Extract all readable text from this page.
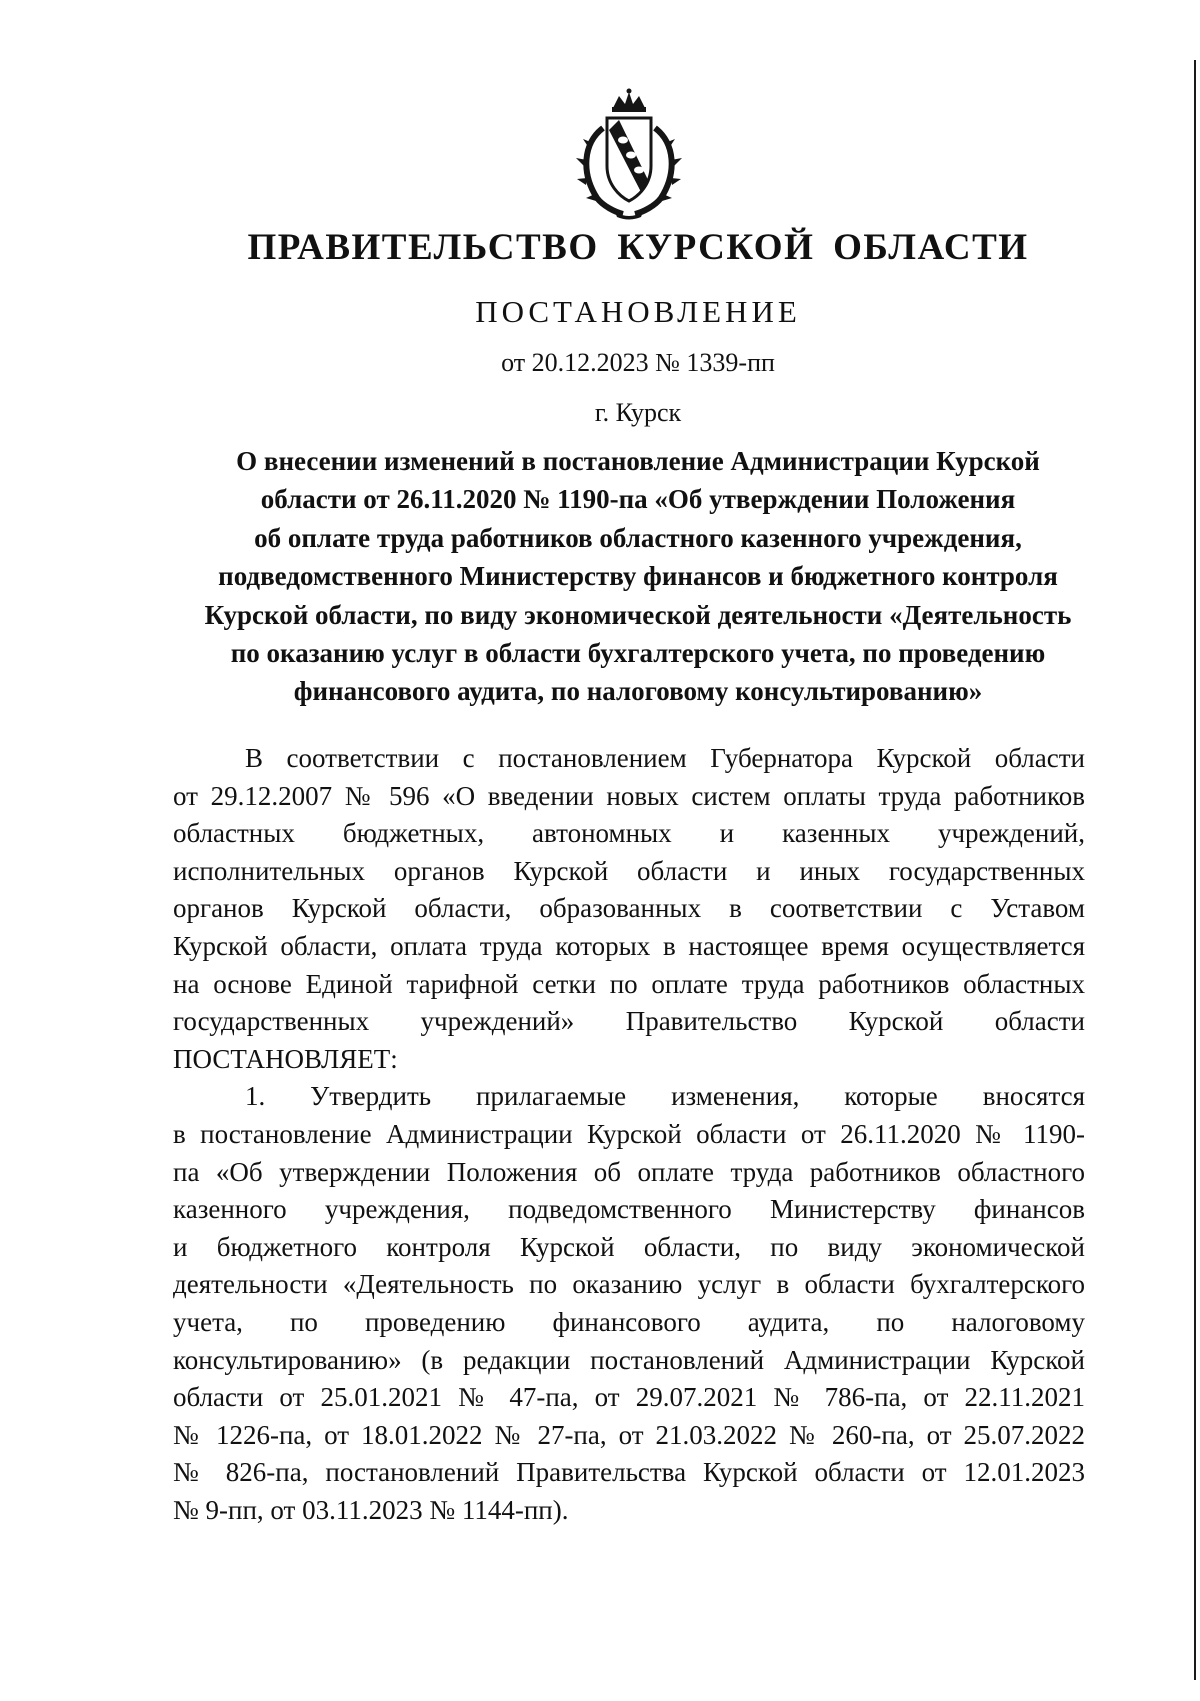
ПРАВИТЕЛЬСТВО КУРСКОЙ ОБЛАСТИ
ПОСТАНОВЛЕНИЕ
от 20.12.2023 № 1339-пп
г. Курск
О внесении изменений в постановление Администрации Курской
области от 26.11.2020 № 1190-па «Об утверждении Положения
об оплате труда работников областного казенного учреждения,
подведомственного Министерству финансов и бюджетного контроля
Курской области, по виду экономической деятельности «Деятельность
по оказанию услуг в области бухгалтерского учета, по проведению
финансового аудита, по налоговому консультированию»
В соответствии с постановлением Губернатора Курской области
от 29.12.2007 № 596 «О введении новых систем оплаты труда работников
областных бюджетных, автономных и казенных учреждений,
исполнительных органов Курской области и иных государственных
органов Курской области, образованных в соответствии с Уставом
Курской области, оплата труда которых в настоящее время осуществляется
на основе Единой тарифной сетки по оплате труда работников областных
государственных учреждений» Правительство Курской области
ПОСТАНОВЛЯЕТ:
1. Утвердить прилагаемые изменения, которые вносятся
в постановление Администрации Курской области от 26.11.2020 № 1190-
па «Об утверждении Положения об оплате труда работников областного
казенного учреждения, подведомственного Министерству финансов
и бюджетного контроля Курской области, по виду экономической
деятельности «Деятельность по оказанию услуг в области бухгалтерского
учета, по проведению финансового аудита, по налоговому
консультированию» (в редакции постановлений Администрации Курской
области от 25.01.2021 № 47-па, от 29.07.2021 № 786-па, от 22.11.2021
№ 1226-па, от 18.01.2022 № 27-па, от 21.03.2022 № 260-па, от 25.07.2022
№ 826-па, постановлений Правительства Курской области от 12.01.2023
№ 9-пп, от 03.11.2023 № 1144-пп).
